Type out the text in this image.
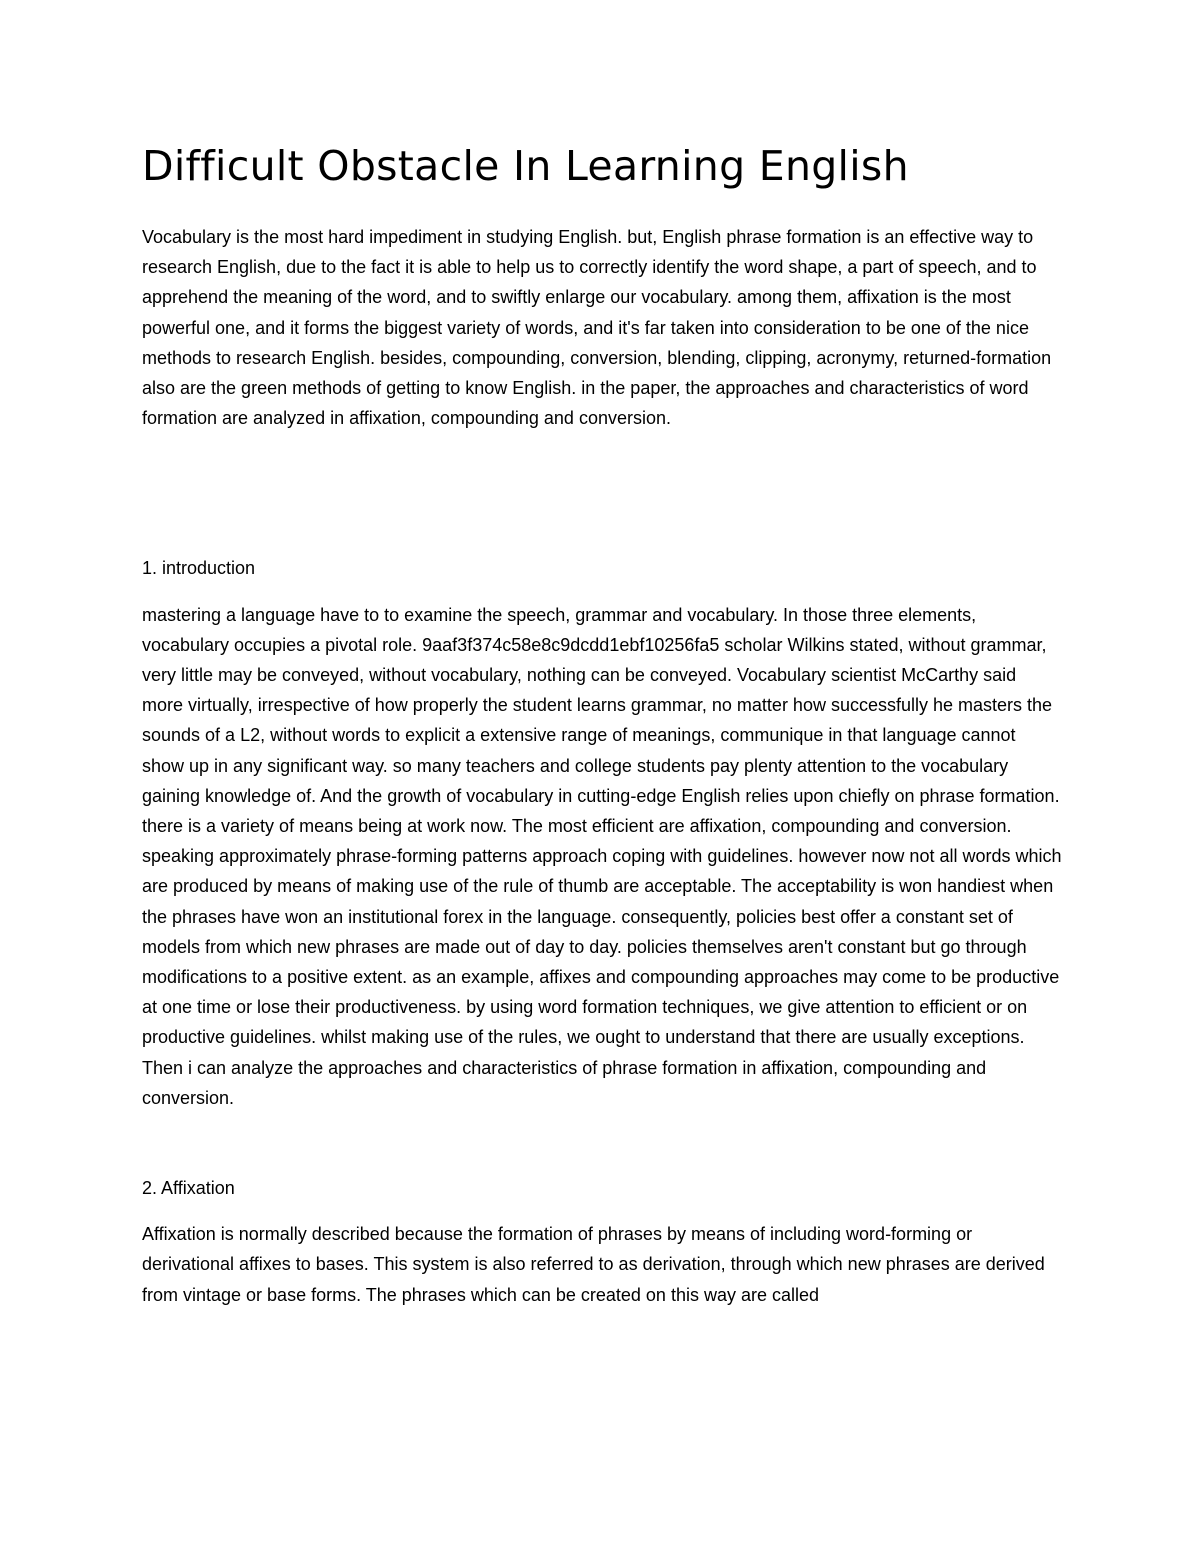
Difficult Obstacle In Learning English

Vocabulary is the most hard impediment in studying English. but, English phrase formation is an effective way to research English, due to the fact it is able to help us to correctly identify the word shape, a part of speech, and to apprehend the meaning of the word, and to swiftly enlarge our vocabulary. among them, affixation is the most powerful one, and it forms the biggest variety of words, and it's far taken into consideration to be one of the nice methods to research English. besides, compounding, conversion, blending, clipping, acronymy, returned-formation also are the green methods of getting to know English. in the paper, the approaches and characteristics of word formation are analyzed in affixation, compounding and conversion.

1. introduction

mastering a language have to to examine the speech, grammar and vocabulary. In those three elements, vocabulary occupies a pivotal role. 9aaf3f374c58e8c9dcdd1ebf10256fa5 scholar Wilkins stated, without grammar, very little may be conveyed, without vocabulary, nothing can be conveyed. Vocabulary scientist McCarthy said more virtually, irrespective of how properly the student learns grammar, no matter how successfully he masters the sounds of a L2, without words to explicit a extensive range of meanings, communique in that language cannot show up in any significant way. so many teachers and college students pay plenty attention to the vocabulary gaining knowledge of. And the growth of vocabulary in cutting-edge English relies upon chiefly on phrase formation. there is a variety of means being at work now. The most efficient are affixation, compounding and conversion. speaking approximately phrase-forming patterns approach coping with guidelines. however now not all words which are produced by means of making use of the rule of thumb are acceptable. The acceptability is won handiest when the phrases have won an institutional forex in the language. consequently, policies best offer a constant set of models from which new phrases are made out of day to day. policies themselves aren't constant but go through modifications to a positive extent. as an example, affixes and compounding approaches may come to be productive at one time or lose their productiveness. by using word formation techniques, we give attention to efficient or on productive guidelines. whilst making use of the rules, we ought to understand that there are usually exceptions. Then i can analyze the approaches and characteristics of phrase formation in affixation, compounding and conversion.

2. Affixation

Affixation is normally described because the formation of phrases by means of including word-forming or derivational affixes to bases. This system is also referred to as derivation, through which new phrases are derived from vintage or base forms. The phrases which can be created on this way are called
